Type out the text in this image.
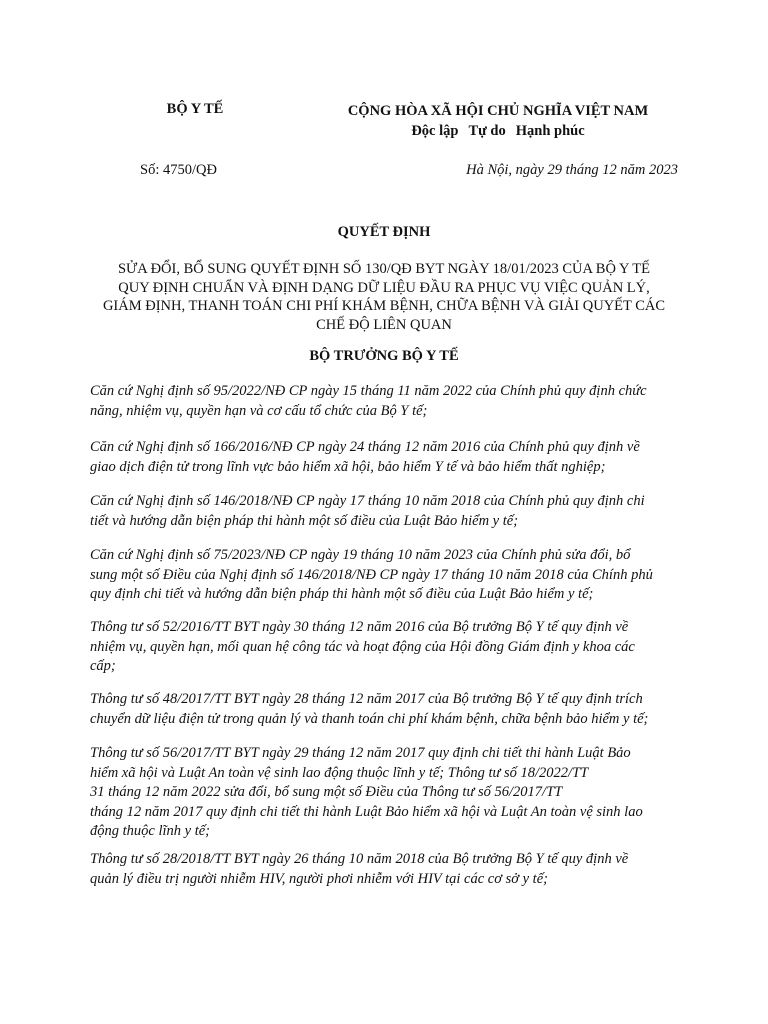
BỘ Y TẾ	CỘNG HÒA XÃ HỘI CHỦ NGHĨA VIỆT NAM
Độc lập Tự do Hạnh phúc
Số: 4750/QĐ	Hà Nội, ngày 29 tháng 12 năm 2023
QUYẾT ĐỊNH
SỬA ĐỔI, BỔ SUNG QUYẾT ĐỊNH SỐ 130/QĐ BYT NGÀY 18/01/2023 CỦA BỘ Y TẾ
QUY ĐỊNH CHUẨN VÀ ĐỊNH DẠNG DỮ LIỆU ĐẦU RA PHỤC VỤ VIỆC QUẢN LÝ,
GIÁM ĐỊNH, THANH TOÁN CHI PHÍ KHÁM BỆNH, CHỮA BỆNH VÀ GIẢI QUYẾT CÁC
CHẾ ĐỘ LIÊN QUAN
BỘ TRƯỞNG BỘ Y TẾ
Căn cứ Nghị định số 95/2022/NĐ CP ngày 15 tháng 11 năm 2022 của Chính phủ quy định chức
năng, nhiệm vụ, quyền hạn và cơ cấu tổ chức của Bộ Y tế;
Căn cứ Nghị định số 166/2016/NĐ CP ngày 24 tháng 12 năm 2016 của Chính phủ quy định về
giao dịch điện tử trong lĩnh vực bảo hiểm xã hội, bảo hiểm Y tế và bảo hiểm thất nghiệp;
Căn cứ Nghị định số 146/2018/NĐ CP ngày 17 tháng 10 năm 2018 của Chính phủ quy định chi
tiết và hướng dẫn biện pháp thi hành một số điều của Luật Bảo hiểm y tế;
Căn cứ Nghị định số 75/2023/NĐ CP ngày 19 tháng 10 năm 2023 của Chính phủ sửa đổi, bổ
sung một số Điều của Nghị định số 146/2018/NĐ CP ngày 17 tháng 10 năm 2018 của Chính phủ
quy định chi tiết và hướng dẫn biện pháp thi hành một số điều của Luật Bảo hiểm y tế;
Thông tư số 52/2016/TT BYT ngày 30 tháng 12 năm 2016 của Bộ trưởng Bộ Y tế quy định về
nhiệm vụ, quyền hạn, mối quan hệ công tác và hoạt động của Hội đồng Giám định y khoa các
cấp;
Thông tư số 48/2017/TT BYT ngày 28 tháng 12 năm 2017 của Bộ trưởng Bộ Y tế quy định trích
chuyển dữ liệu điện tử trong quản lý và thanh toán chi phí khám bệnh, chữa bệnh bảo hiểm y tế;
Thông tư số 56/2017/TT BYT ngày 29 tháng 12 năm 2017 quy định chi tiết thi hành Luật Bảo
hiểm xã hội và Luật An toàn vệ sinh lao động thuộc lĩnh y tế; Thông tư số 18/2022/TT
31 tháng 12 năm 2022 sửa đổi, bổ sung một số Điều của Thông tư số 56/2017/TT
tháng 12 năm 2017 quy định chi tiết thi hành Luật Bảo hiểm xã hội và Luật An toàn vệ sinh lao
động thuộc lĩnh y tế;
Thông tư số 28/2018/TT BYT ngày 26 tháng 10 năm 2018 của Bộ trưởng Bộ Y tế quy định về
quản lý điều trị người nhiễm HIV, người phơi nhiễm với HIV tại các cơ sở y tế;
